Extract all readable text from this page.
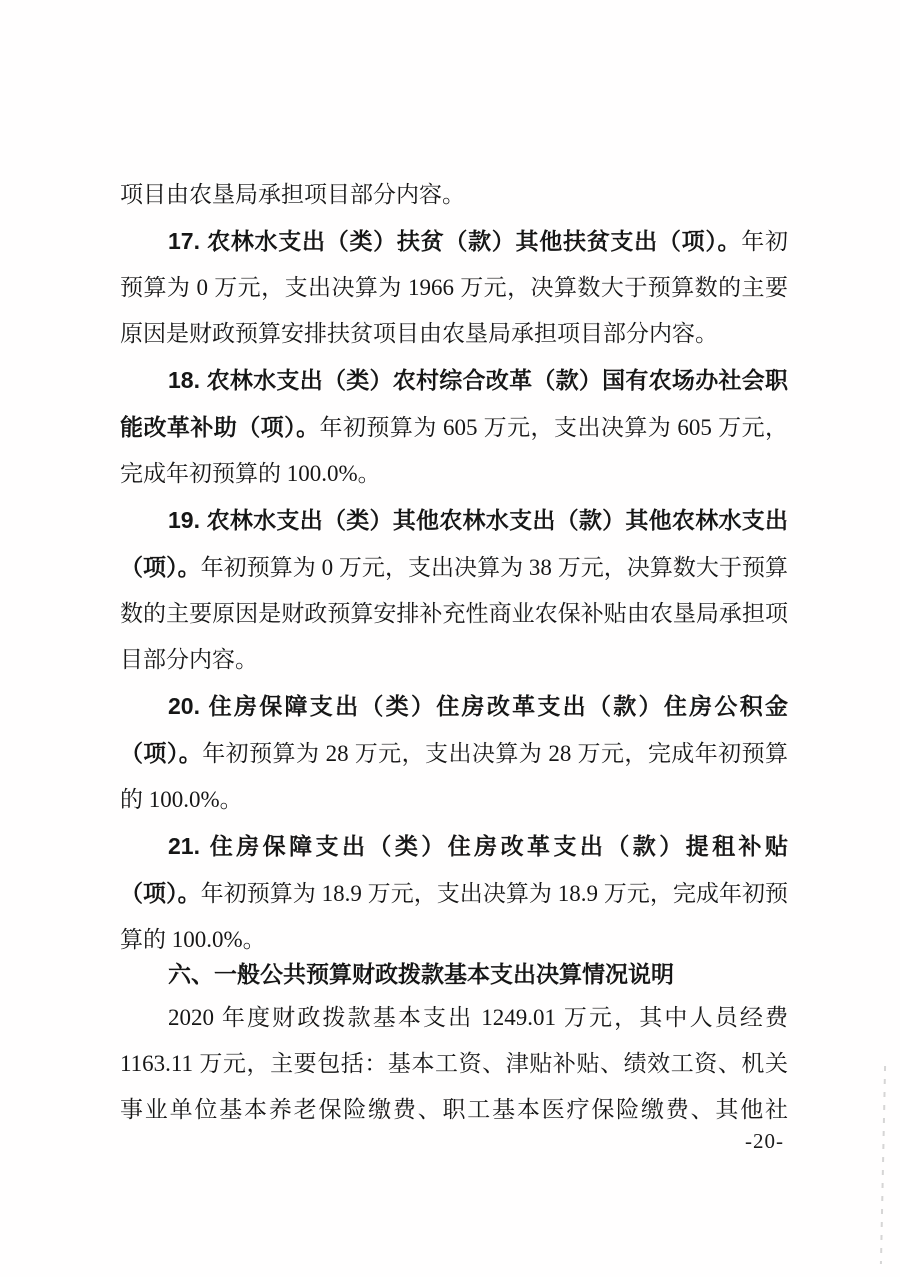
项目由农垦局承担项目部分内容。

17. 农林水支出（类）扶贫（款）其他扶贫支出（项）。年初预算为 0 万元，支出决算为 1966 万元，决算数大于预算数的主要原因是财政预算安排扶贫项目由农垦局承担项目部分内容。

18. 农林水支出（类）农村综合改革（款）国有农场办社会职能改革补助（项）。年初预算为 605 万元，支出决算为 605 万元，完成年初预算的 100.0%。

19. 农林水支出（类）其他农林水支出（款）其他农林水支出（项）。年初预算为 0 万元，支出决算为 38 万元，决算数大于预算数的主要原因是财政预算安排补充性商业农保补贴由农垦局承担项目部分内容。

20. 住房保障支出（类）住房改革支出（款）住房公积金（项）。年初预算为 28 万元，支出决算为 28 万元，完成年初预算的 100.0%。

21. 住房保障支出（类）住房改革支出（款）提租补贴（项）。年初预算为 18.9 万元，支出决算为 18.9 万元，完成年初预算的 100.0%。

六、一般公共预算财政拨款基本支出决算情况说明

2020 年度财政拨款基本支出 1249.01 万元，其中人员经费 1163.11 万元，主要包括：基本工资、津贴补贴、绩效工资、机关事业单位基本养老保险缴费、职工基本医疗保险缴费、其他社

-20-
